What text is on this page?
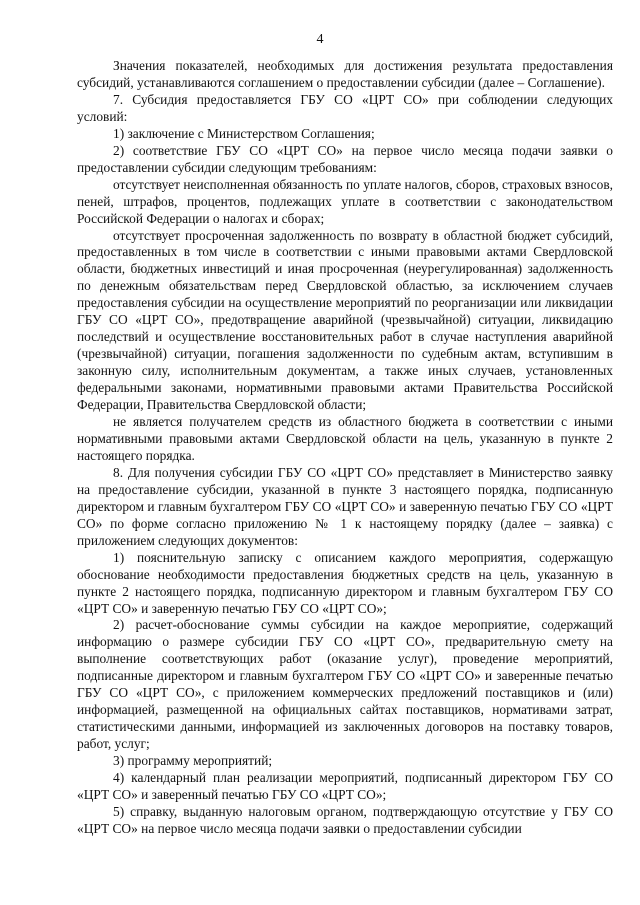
4

Значения показателей, необходимых для достижения результата предоставления субсидий, устанавливаются соглашением о предоставлении субсидии (далее – Соглашение).

7. Субсидия предоставляется ГБУ СО «ЦРТ СО» при соблюдении следующих условий:

1) заключение с Министерством Соглашения;

2) соответствие ГБУ СО «ЦРТ СО» на первое число месяца подачи заявки о предоставлении субсидии следующим требованиям:

отсутствует неисполненная обязанность по уплате налогов, сборов, страховых взносов, пеней, штрафов, процентов, подлежащих уплате в соответствии с законодательством Российской Федерации о налогах и сборах;

отсутствует просроченная задолженность по возврату в областной бюджет субсидий, предоставленных в том числе в соответствии с иными правовыми актами Свердловской области, бюджетных инвестиций и иная просроченная (неурегулированная) задолженность по денежным обязательствам перед Свердловской областью, за исключением случаев предоставления субсидии на осуществление мероприятий по реорганизации или ликвидации ГБУ СО «ЦРТ СО», предотвращение аварийной (чрезвычайной) ситуации, ликвидацию последствий и осуществление восстановительных работ в случае наступления аварийной (чрезвычайной) ситуации, погашения задолженности по судебным актам, вступившим в законную силу, исполнительным документам, а также иных случаев, установленных федеральными законами, нормативными правовыми актами Правительства Российской Федерации, Правительства Свердловской области;

не является получателем средств из областного бюджета в соответствии с иными нормативными правовыми актами Свердловской области на цель, указанную в пункте 2 настоящего порядка.

8. Для получения субсидии ГБУ СО «ЦРТ СО» представляет в Министерство заявку на предоставление субсидии, указанной в пункте 3 настоящего порядка, подписанную директором и главным бухгалтером ГБУ СО «ЦРТ СО» и заверенную печатью ГБУ СО «ЦРТ СО» по форме согласно приложению № 1 к настоящему порядку (далее – заявка) с приложением следующих документов:

1) пояснительную записку с описанием каждого мероприятия, содержащую обоснование необходимости предоставления бюджетных средств на цель, указанную в пункте 2 настоящего порядка, подписанную директором и главным бухгалтером ГБУ СО «ЦРТ СО» и заверенную печатью ГБУ СО «ЦРТ СО»;

2) расчет-обоснование суммы субсидии на каждое мероприятие, содержащий информацию о размере субсидии ГБУ СО «ЦРТ СО», предварительную смету на выполнение соответствующих работ (оказание услуг), проведение мероприятий, подписанные директором и главным бухгалтером ГБУ СО «ЦРТ СО» и заверенные печатью ГБУ СО «ЦРТ СО», с приложением коммерческих предложений поставщиков и (или) информацией, размещенной на официальных сайтах поставщиков, нормативами затрат, статистическими данными, информацией из заключенных договоров на поставку товаров, работ, услуг;

3) программу мероприятий;

4) календарный план реализации мероприятий, подписанный директором ГБУ СО «ЦРТ СО» и заверенный печатью ГБУ СО «ЦРТ СО»;

5) справку, выданную налоговым органом, подтверждающую отсутствие у ГБУ СО «ЦРТ СО» на первое число месяца подачи заявки о предоставлении субсидии
